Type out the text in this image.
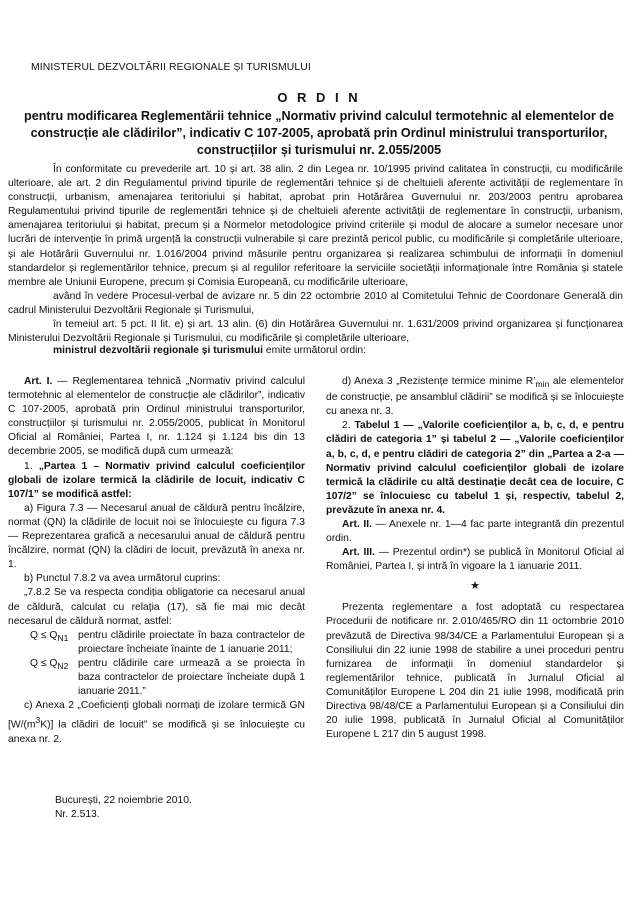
MINISTERUL DEZVOLTĂRII REGIONALE ȘI TURISMULUI
O R D I N
pentru modificarea Reglementării tehnice „Normativ privind calculul termotehnic al elementelor de construcție ale clădirilor”, indicativ C 107-2005, aprobată prin Ordinul ministrului transporturilor, construcțiilor și turismului nr. 2.055/2005

În conformitate cu prevederile art. 10 și art. 38 alin. 2 din Legea nr. 10/1995 privind calitatea în construcții, cu modificările ulterioare, ale art. 2 din Regulamentul privind tipurile de reglementări tehnice și de cheltuieli aferente activității de reglementare în construcții, urbanism, amenajarea teritoriului și habitat, aprobat prin Hotărârea Guvernului nr. 203/2003 pentru aprobarea Regulamentului privind tipurile de reglementări tehnice și de cheltuieli aferente activității de reglementare în construcții, urbanism, amenajarea teritoriului și habitat, precum și a Normelor metodologice privind criteriile și modul de alocare a sumelor necesare unor lucrări de intervenție în primă urgență la construcții vulnerabile și care prezintă pericol public, cu modificările și completările ulterioare, și ale Hotărârii Guvernului nr. 1.016/2004 privind măsurile pentru organizarea și realizarea schimbului de informații în domeniul standardelor și reglementărilor tehnice, precum și al regulilor referitoare la serviciile societății informaționale între România și statele membre ale Uniunii Europene, precum și Comisia Europeană, cu modificările ulterioare,

având în vedere Procesul-verbal de avizare nr. 5 din 22 octombrie 2010 al Comitetului Tehnic de Coordonare Generală din cadrul Ministerului Dezvoltării Regionale și Turismului,

în temeiul art. 5 pct. II lit. e) și art. 13 alin. (6) din Hotărârea Guvernului nr. 1.631/2009 privind organizarea și funcționarea Ministerului Dezvoltării Regionale și Turismului, cu modificările și completările ulterioare,

ministrul dezvoltării regionale și turismului emite următorul ordin:

Art. I. — Reglementarea tehnică „Normativ privind calculul termotehnic al elementelor de construcție ale clădirilor”, indicativ C 107-2005, aprobată prin Ordinul ministrului transporturilor, construcțiilor și turismului nr. 2.055/2005, publicat în Monitorul Oficial al României, Partea I, nr. 1.124 și 1.124 bis din 13 decembrie 2005, se modifică după cum urmează:

1. „Partea 1 – Normativ privind calculul coeficienților globali de izolare termică la clădirile de locuit, indicativ C 107/1” se modifică astfel:

a) Figura 7.3 — Necesarul anual de căldură pentru încălzire, normat (QN) la clădirile de locuit noi se înlocuiește cu figura 7.3 — Reprezentarea grafică a necesarului anual de căldură pentru încălzire, normat (QN) la clădiri de locuit, prevăzută în anexa nr. 1.

b) Punctul 7.8.2 va avea următorul cuprins:

„7.8.2 Se va respecta condiția obligatorie ca necesarul anual de căldură, calculat cu relația (17), să fie mai mic decât necesarul de căldură normat, astfel:

$Q \le Q_{N1}$ pentru clădirile proiectate în baza contractelor de proiectare încheiate înainte de 1 ianuarie 2011;
$Q \le Q_{N2}$ pentru clădirile care urmează a se proiecta în baza contractelor de proiectare încheiate după 1 ianuarie 2011.”

c) Anexa 2 „Coeficienți globali normați de izolare termică GN $[W/(m^3K)]$ la clădiri de locuit” se modifică și se înlocuiește cu anexa nr. 2.

d) Anexa 3 „Rezistențe termice minime $R’_{min}$ ale elementelor de construcție, pe ansamblul clădirii” se modifică și se înlocuiește cu anexa nr. 3.

2. Tabelul 1 — „Valorile coeficienților a, b, c, d, e pentru clădiri de categoria 1” și tabelul 2 — „Valorile coeficienților a, b, c, d, e pentru clădiri de categoria 2” din „Partea a 2-a — Normativ privind calculul coeficienților globali de izolare termică la clădirile cu altă destinație decât cea de locuire, C 107/2” se înlocuiesc cu tabelul 1 și, respectiv, tabelul 2, prevăzute în anexa nr. 4.

Art. II. — Anexele nr. 1—4 fac parte integrantă din prezentul ordin.

Art. III. — Prezentul ordin*) se publică în Monitorul Oficial al României, Partea I, și intră în vigoare la 1 ianuarie 2011.

★

Prezenta reglementare a fost adoptată cu respectarea Procedurii de notificare nr. 2.010/465/RO din 11 octombrie 2010 prevăzută de Directiva 98/34/CE a Parlamentului European și a Consiliului din 22 iunie 1998 de stabilire a unei proceduri pentru furnizarea de informații în domeniul standardelor și reglementărilor tehnice, publicată în Jurnalul Oficial al Comunităților Europene L 204 din 21 iulie 1998, modificată prin Directiva 98/48/CE a Parlamentului European și a Consiliului din 20 iulie 1998, publicată în Jurnalul Oficial al Comunităților Europene L 217 din 5 august 1998.

București, 22 noiembrie 2010.
Nr. 2.513.
